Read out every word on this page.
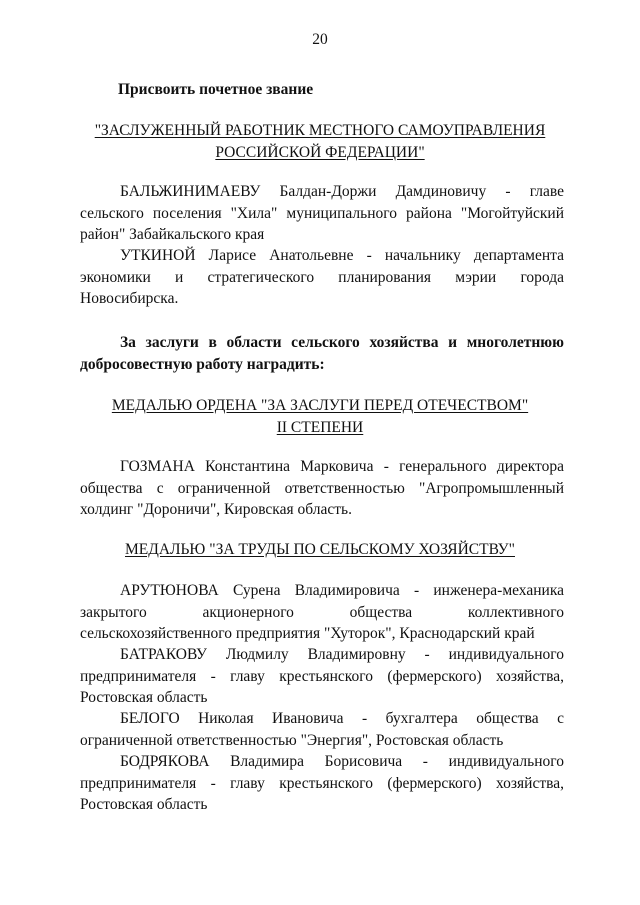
20
Присвоить почетное звание

"ЗАСЛУЖЕННЫЙ РАБОТНИК МЕСТНОГО САМОУПРАВЛЕНИЯ

РОССИЙСКОЙ ФЕДЕРАЦИИ"

БАЛЬЖИНИМАЕВУ Балдан-Доржи Дамдиновичу - главе сельского поселения "Хила" муниципального района "Могойтуйский район" Забайкальского края
УТКИНОЙ Ларисе Анатольевне - начальнику департамента экономики и стратегического планирования мэрии города Новосибирска.
За заслуги в области сельского хозяйства и многолетнюю добросовестную работу наградить:

МЕДАЛЬЮ ОРДЕНА "ЗА ЗАСЛУГИ ПЕРЕД ОТЕЧЕСТВОМ"

II СТЕПЕНИ

ГОЗМАНА Константина Марковича - генерального директора общества с ограниченной ответственностью "Агропромышленный холдинг "Дороничи", Кировская область.

МЕДАЛЬЮ "ЗА ТРУДЫ ПО СЕЛЬСКОМУ ХОЗЯЙСТВУ"

АРУТЮНОВА Сурена Владимировича - инженера-механика закрытого акционерного общества коллективного сельскохозяйственного предприятия "Хуторок", Краснодарский край
БАТРАКОВУ Людмилу Владимировну - индивидуального предпринимателя - главу крестьянского (фермерского) хозяйства, Ростовская область
БЕЛОГО Николая Ивановича - бухгалтера общества с ограниченной ответственностью "Энергия", Ростовская область
БОДРЯКОВА Владимира Борисовича - индивидуального предпринимателя - главу крестьянского (фермерского) хозяйства, Ростовская область
